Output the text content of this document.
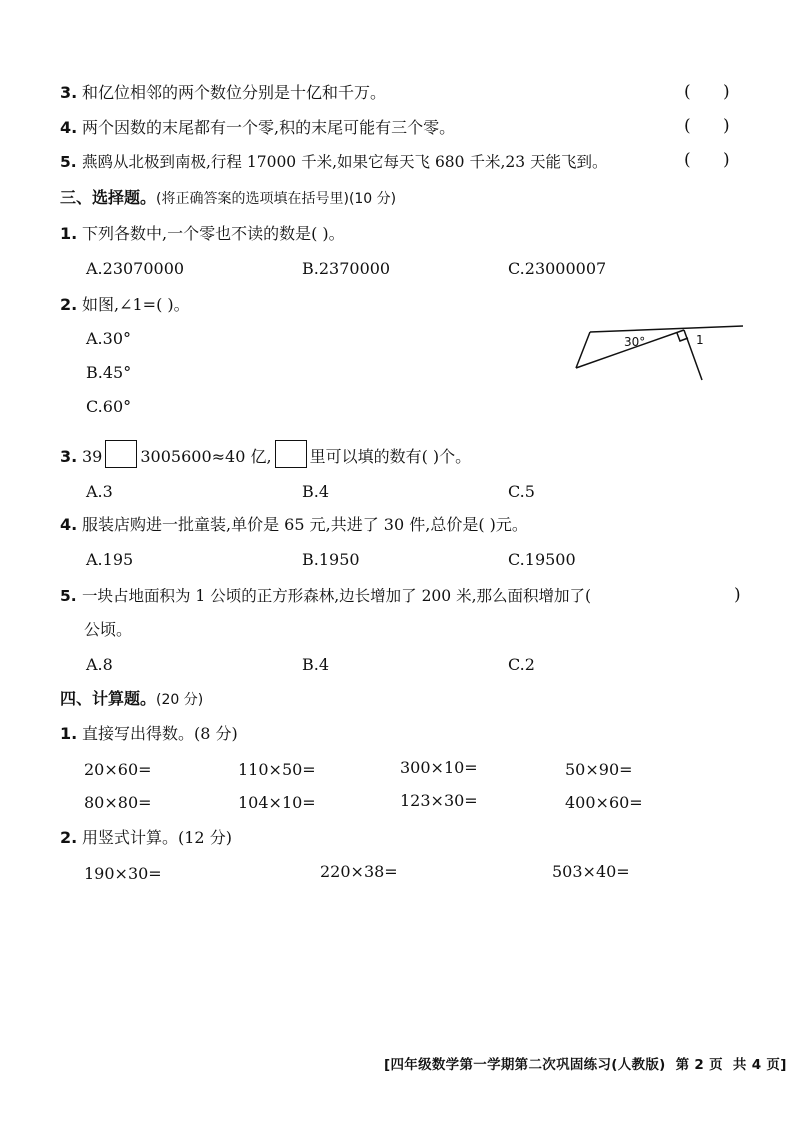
3. 和亿位相邻的两个数位分别是十亿和千万。	(      )
4. 两个因数的末尾都有一个零,积的末尾可能有三个零。	(      )
5. 燕鸥从北极到南极,行程 17000 千米,如果它每天飞 680 千米,23 天能飞到。	(      )
三、选择题。(将正确答案的选项填在括号里)(10 分)
1. 下列各数中,一个零也不读的数是( )。
A.23070000	B.2370000	C.23000007
2. 如图,∠1=( )。
A.30°
B.45°
C.60°
30°	1
3. 39 3005600≈40 亿, 里可以填的数有( )个。
A.3	B.4	C.5
4. 服装店购进一批童装,单价是 65 元,共进了 30 件,总价是( )元。
A.195	B.1950	C.19500
5. 一块占地面积为 1 公顷的正方形森林,边长增加了 200 米,那么面积增加了(	)
公顷。
A.8	B.4	C.2
四、计算题。(20 分)
1. 直接写出得数。(8 分)
20×60=	110×50=	300×10=	50×90=
80×80=	104×10=	123×30=	400×60=
2. 用竖式计算。(12 分)
190×30=	220×38=	503×40=
[四年级数学第一学期第二次巩固练习(人教版) 第 2 页 共 4 页]
